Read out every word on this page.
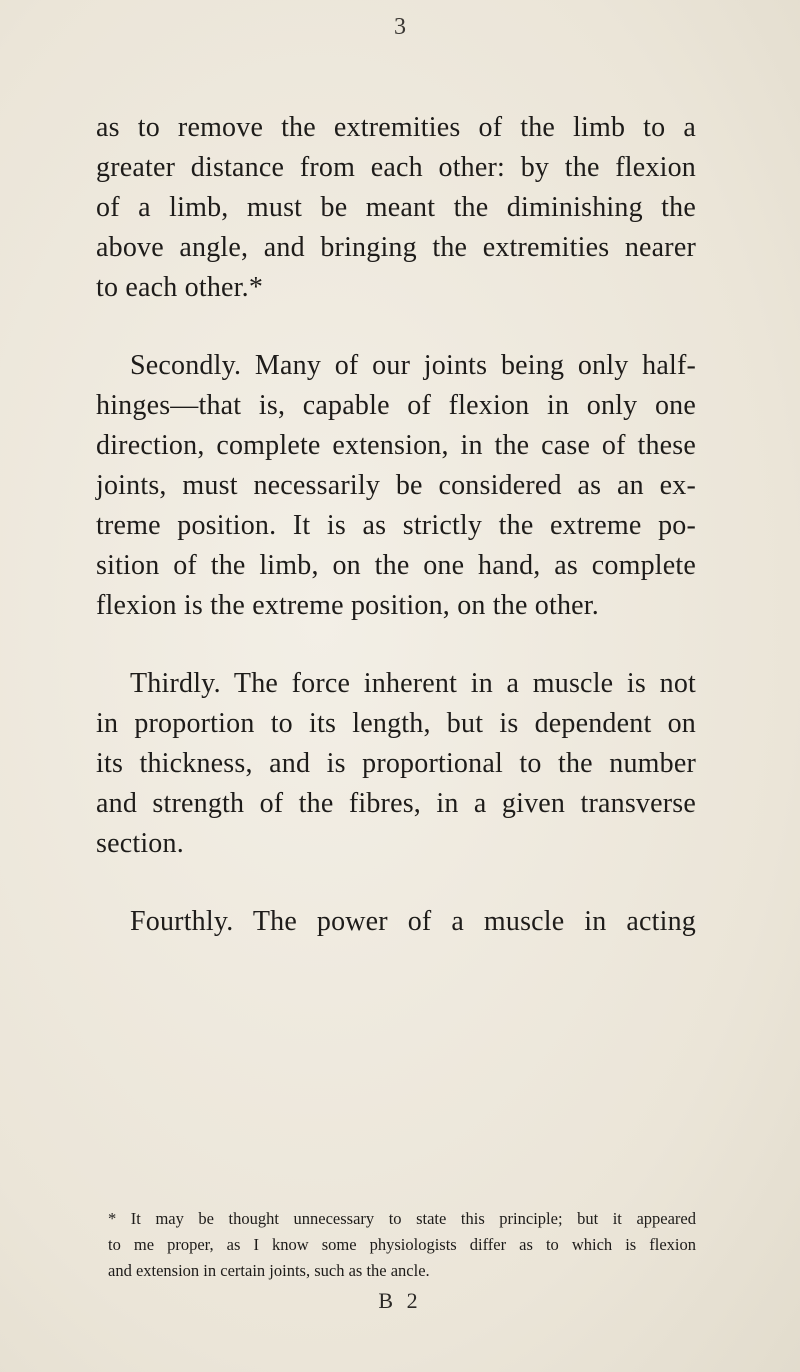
3
as to remove the extremities of the limb to a
greater distance from each other: by the flexion
of a limb, must be meant the diminishing the
above angle, and bringing the extremities nearer
to each other.*
Secondly. Many of our joints being only half-
hinges—that is, capable of flexion in only one
direction, complete extension, in the case of these
joints, must necessarily be considered as an ex-
treme position. It is as strictly the extreme po-
sition of the limb, on the one hand, as complete
flexion is the extreme position, on the other.
Thirdly. The force inherent in a muscle is not
in proportion to its length, but is dependent on
its thickness, and is proportional to the number
and strength of the fibres, in a given transverse
section.
Fourthly. The power of a muscle in acting
* It may be thought unnecessary to state this principle; but it appeared
to me proper, as I know some physiologists differ as to which is flexion
and extension in certain joints, such as the ancle.
B 2
